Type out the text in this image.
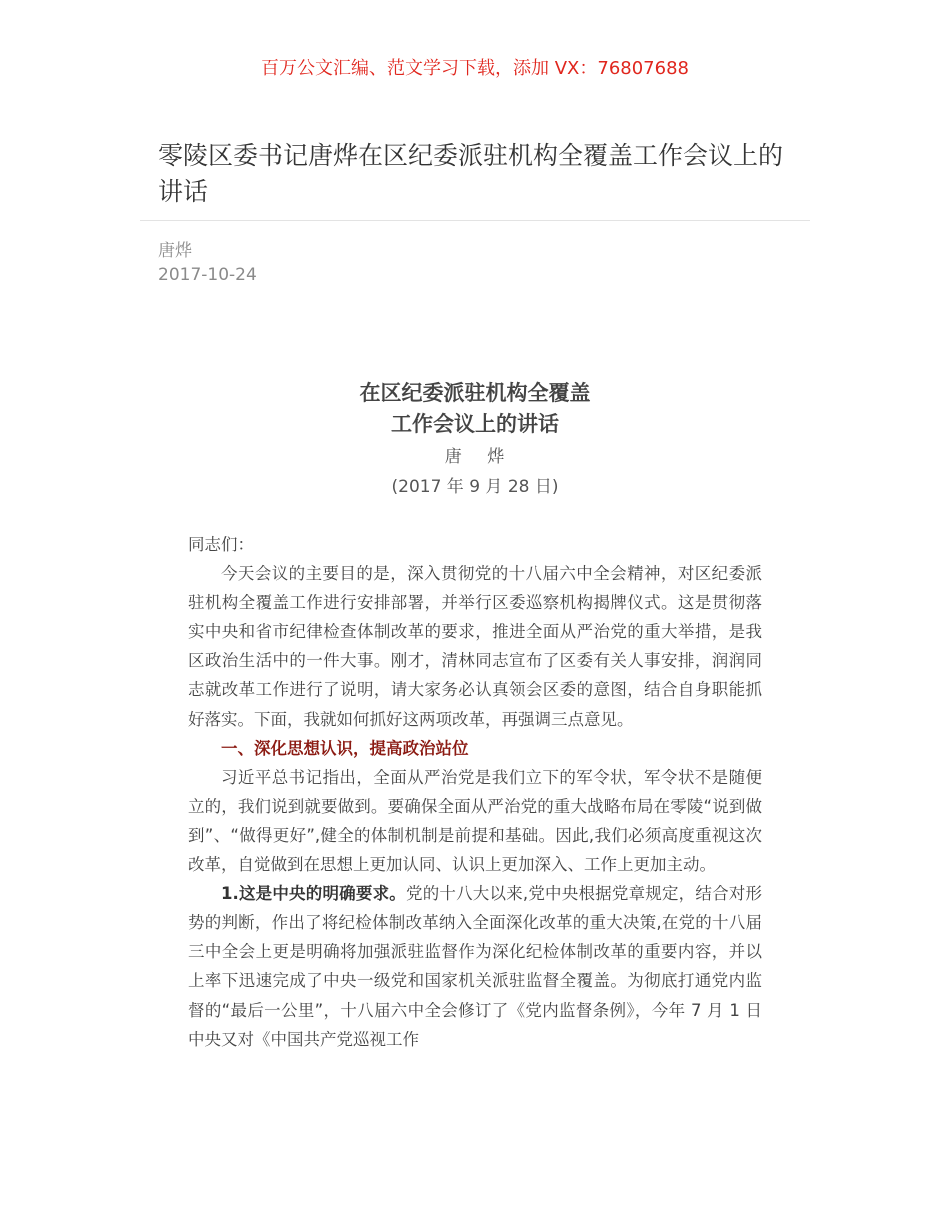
百万公文汇编、范文学习下载，添加 VX：76807688
零陵区委书记唐烨在区纪委派驻机构全覆盖工作会议上的讲话
唐烨
2017-10-24
在区纪委派驻机构全覆盖
工作会议上的讲话
唐　 烨
(2017 年 9 月 28 日)

同志们：

今天会议的主要目的是，深入贯彻党的十八届六中全会精神，对区纪委派驻机构全覆盖工作进行安排部署，并举行区委巡察机构揭牌仪式。这是贯彻落实中央和省市纪律检查体制改革的要求，推进全面从严治党的重大举措，是我区政治生活中的一件大事。刚才，清林同志宣布了区委有关人事安排，润润同志就改革工作进行了说明，请大家务必认真领会区委的意图，结合自身职能抓好落实。下面，我就如何抓好这两项改革，再强调三点意见。

一、深化思想认识，提高政治站位

习近平总书记指出，全面从严治党是我们立下的军令状，军令状不是随便立的，我们说到就要做到。要确保全面从严治党的重大战略布局在零陵“说到做到”、“做得更好”,健全的体制机制是前提和基础。因此,我们必须高度重视这次改革，自觉做到在思想上更加认同、认识上更加深入、工作上更加主动。

1.这是中央的明确要求。党的十八大以来,党中央根据党章规定，结合对形势的判断，作出了将纪检体制改革纳入全面深化改革的重大决策,在党的十八届三中全会上更是明确将加强派驻监督作为深化纪检体制改革的重要内容，并以上率下迅速完成了中央一级党和国家机关派驻监督全覆盖。为彻底打通党内监督的“最后一公里”，十八届六中全会修订了《党内监督条例》，今年 7 月 1 日中央又对《中国共产党巡视工作
